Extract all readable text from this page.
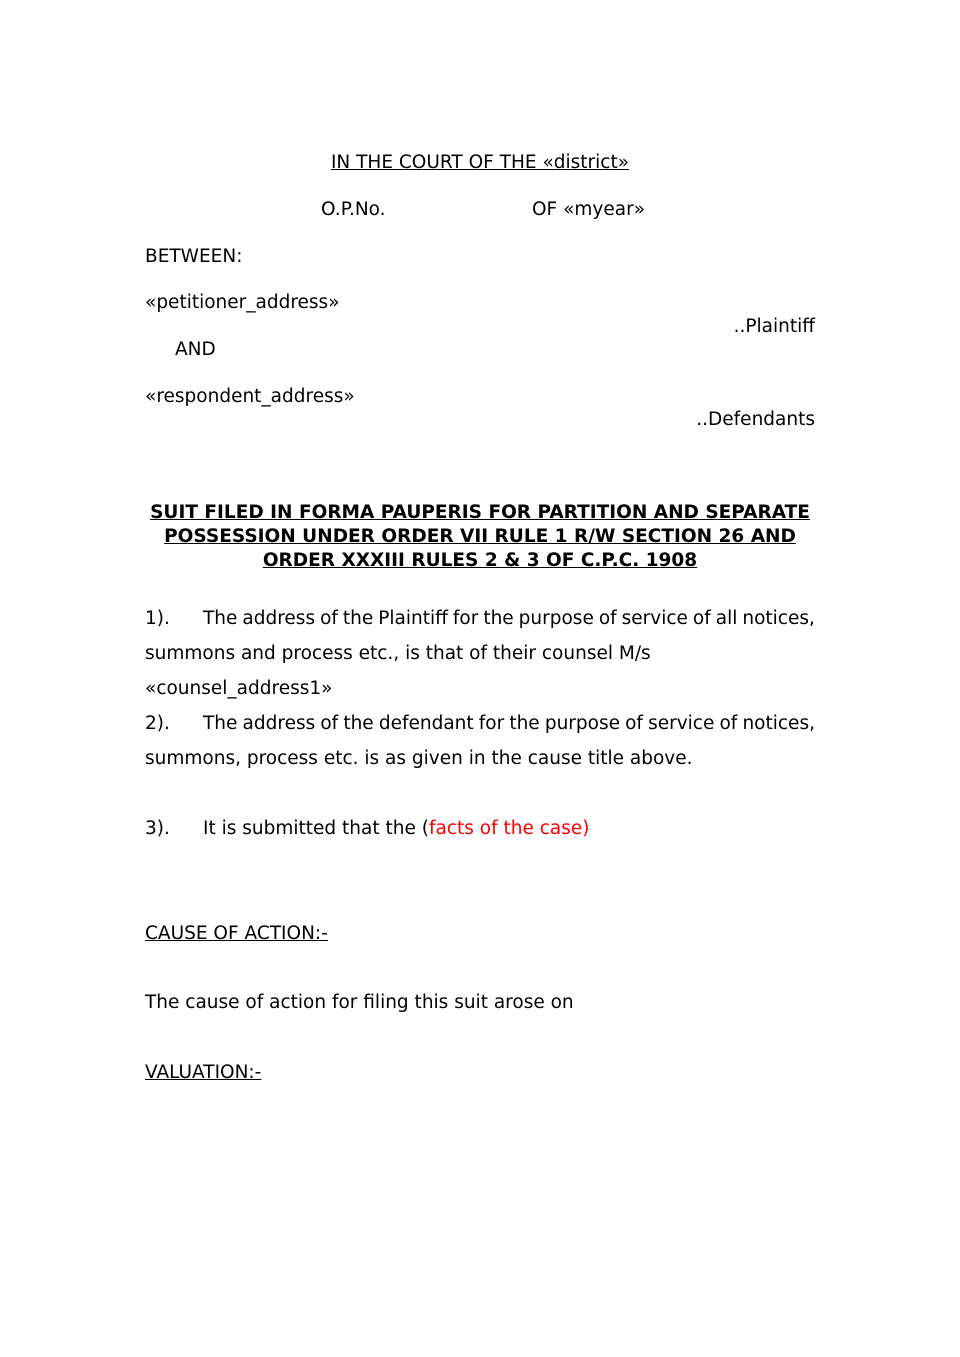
IN THE COURT OF THE «district»
O.P.No.	OF «myear»
BETWEEN:
«petitioner_address»
..Plaintiff
AND
«respondent_address»
..Defendants
SUIT FILED IN FORMA PAUPERIS FOR PARTITION AND SEPARATE
POSSESSION UNDER ORDER VII RULE 1 R/W SECTION 26 AND
ORDER XXXIII RULES 2 & 3 OF C.P.C. 1908
1). The address of the Plaintiff for the purpose of service of all notices,
summons and process etc., is that of their counsel M/s «counsel_address1»
2). The address of the defendant for the purpose of service of notices,
summons, process etc. is as given in the cause title above.
3). It is submitted that the (facts of the case)
CAUSE OF ACTION:-
The cause of action for filing this suit arose on
VALUATION:-
